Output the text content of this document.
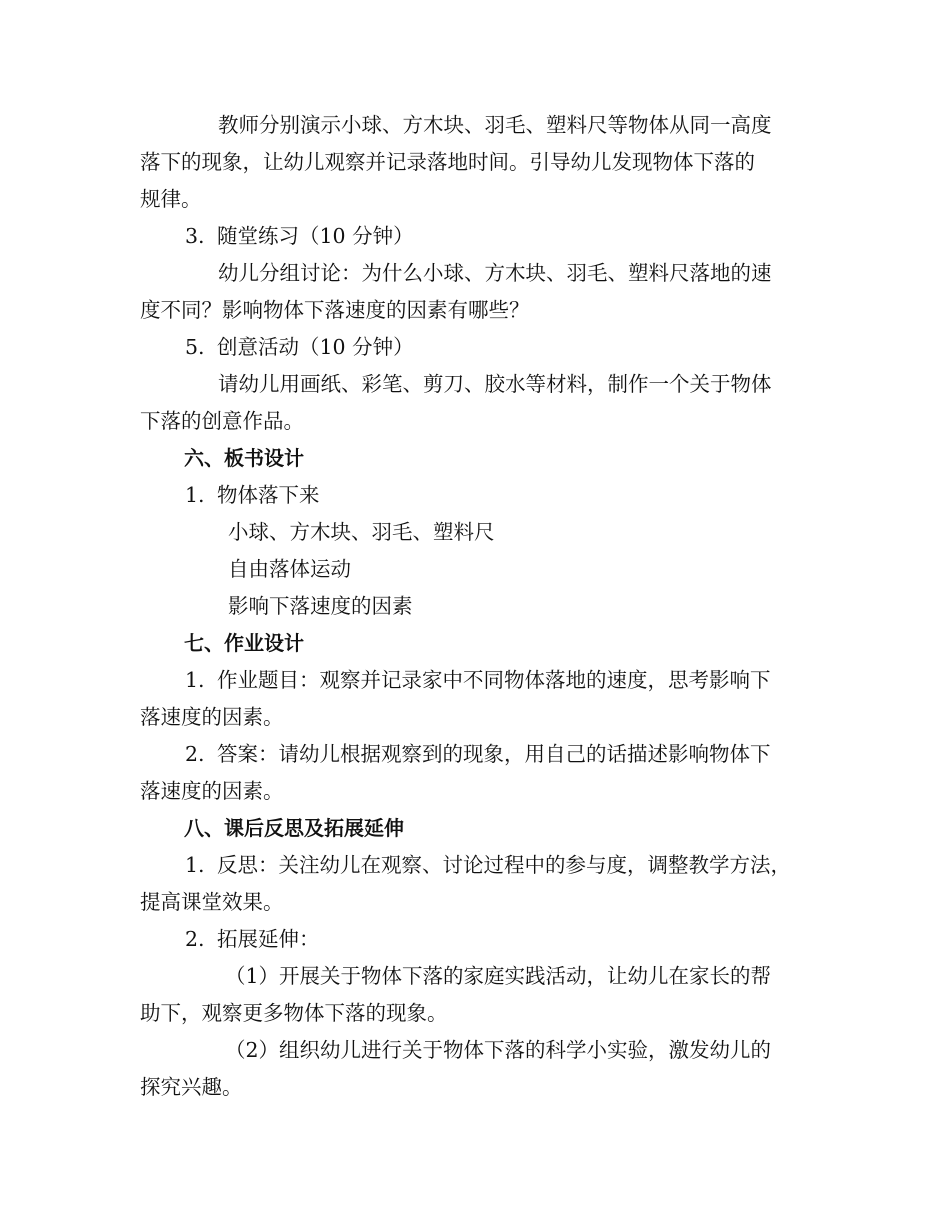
教师分别演示小球、方木块、羽毛、塑料尺等物体从同一高度
落下的现象，让幼儿观察并记录落地时间。引导幼儿发现物体下落的
规律。
3. 随堂练习（10 分钟）
幼儿分组讨论：为什么小球、方木块、羽毛、塑料尺落地的速
度不同？影响物体下落速度的因素有哪些？
5. 创意活动（10 分钟）
请幼儿用画纸、彩笔、剪刀、胶水等材料，制作一个关于物体
下落的创意作品。
六、板书设计
1. 物体落下来
小球、方木块、羽毛、塑料尺
自由落体运动
影响下落速度的因素
七、作业设计
1. 作业题目：观察并记录家中不同物体落地的速度，思考影响下
落速度的因素。
2. 答案：请幼儿根据观察到的现象，用自己的话描述影响物体下
落速度的因素。
八、课后反思及拓展延伸
1. 反思：关注幼儿在观察、讨论过程中的参与度，调整教学方法，
提高课堂效果。
2. 拓展延伸：
（1）开展关于物体下落的家庭实践活动，让幼儿在家长的帮
助下，观察更多物体下落的现象。
（2）组织幼儿进行关于物体下落的科学小实验，激发幼儿的
探究兴趣。
